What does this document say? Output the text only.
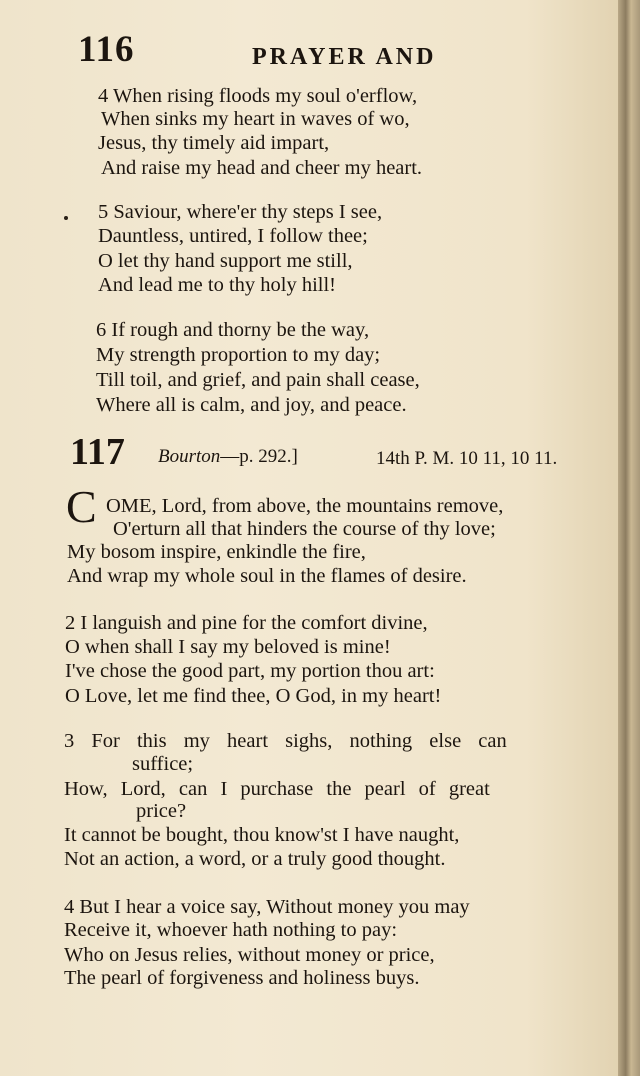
116	PRAYER AND
4 When rising floods my soul o'erflow,
When sinks my heart in waves of wo,
Jesus, thy timely aid impart,
And raise my head and cheer my heart.
5 Saviour, where'er thy steps I see,
Dauntless, untired, I follow thee;
O let thy hand support me still,
And lead me to thy holy hill!
6 If rough and thorny be the way,
My strength proportion to my day;
Till toil, and grief, and pain shall cease,
Where all is calm, and joy, and peace.
117 Bourton—p. 292.]	14th P. M. 10 11, 10 11.
C OME, Lord, from above, the mountains remove,
O'erturn all that hinders the course of thy love;
My bosom inspire, enkindle the fire,
And wrap my whole soul in the flames of desire.
2 I languish and pine for the comfort divine,
O when shall I say my beloved is mine!
I've chose the good part, my portion thou art:
O Love, let me find thee, O God, in my heart!
3 For this my heart sighs, nothing else can
suffice;
How, Lord, can I purchase the pearl of great
price?
It cannot be bought, thou know'st I have naught,
Not an action, a word, or a truly good thought.
4 But I hear a voice say, Without money you may
Receive it, whoever hath nothing to pay:
Who on Jesus relies, without money or price,
The pearl of forgiveness and holiness buys.
